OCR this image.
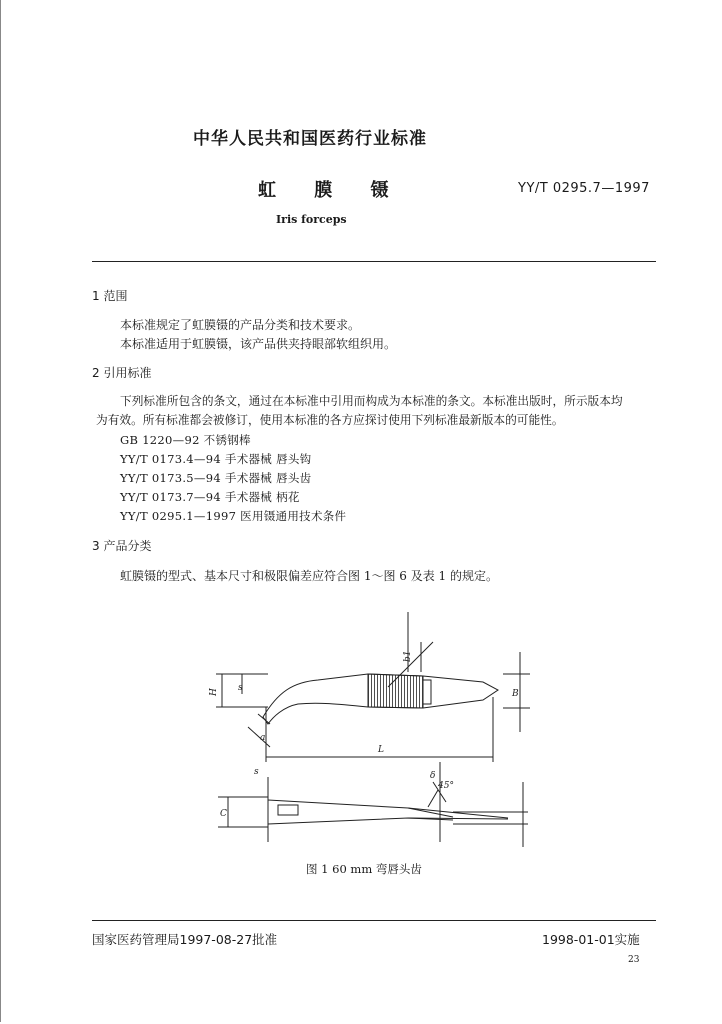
中华人民共和国医药行业标准
虹 膜 镊	YY/T 0295.7—1997
Iris forceps
1 范围
本标准规定了虹膜镊的产品分类和技术要求。
本标准适用于虹膜镊，该产品供夹持眼部软组织用。
2 引用标准
下列标准所包含的条文，通过在本标准中引用而构成为本标准的条文。本标准出版时，所示版本均
为有效。所有标准都会被修订，使用本标准的各方应探讨使用下列标准最新版本的可能性。
GB 1220—92 不锈钢棒
YY/T 0173.4—94 手术器械 唇头钩
YY/T 0173.5—94 手术器械 唇头齿
YY/T 0173.7—94 手术器械 柄花
YY/T 0295.1—1997 医用镊通用技术条件
3 产品分类
虹膜镊的型式、基本尺寸和极限偏差应符合图 1～图 6 及表 1 的规定。
H s
b1
B
L
a
s
C
δ
45°
图 1 60 mm 弯唇头齿
国家医药管理局1997-08-27批准	1998-01-01实施
23
